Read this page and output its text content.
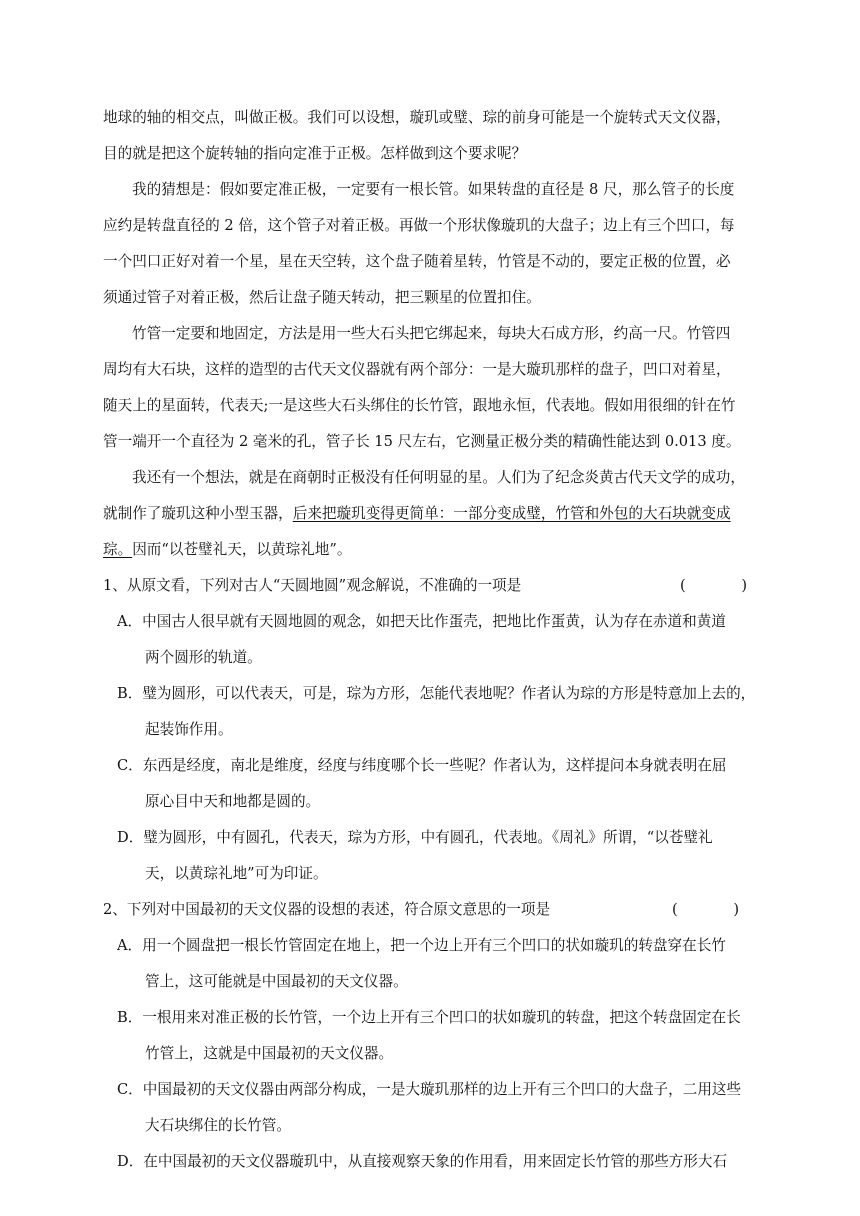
地球的轴的相交点，叫做正极。我们可以设想，璇玑或璧、琮的前身可能是一个旋转式天文仪器，
目的就是把这个旋转轴的指向定准于正极。怎样做到这个要求呢？
我的猜想是：假如要定准正极，一定要有一根长管。如果转盘的直径是 8 尺，那么管子的长度
应约是转盘直径的 2 倍，这个管子对着正极。再做一个形状像璇玑的大盘子；边上有三个凹口，每
一个凹口正好对着一个星，星在天空转，这个盘子随着星转，竹管是不动的，要定正极的位置，必
须通过管子对着正极，然后让盘子随天转动，把三颗星的位置扣住。
竹管一定要和地固定，方法是用一些大石头把它绑起来，每块大石成方形，约高一尺。竹管四
周均有大石块，这样的造型的古代天文仪器就有两个部分：一是大璇玑那样的盘子，凹口对着星，
随天上的星面转，代表天;一是这些大石头绑住的长竹管，跟地永恒，代表地。假如用很细的针在竹
管一端开一个直径为 2 毫米的孔，管子长 15 尺左右，它测量正极分类的精确性能达到 0.013 度。
我还有一个想法，就是在商朝时正极没有任何明显的星。人们为了纪念炎黄古代天文学的成功，
就制作了璇玑这种小型玉器，后来把璇玑变得更简单：一部分变成璧，竹管和外包的大石块就变成
琮。因而“以苍璧礼天，以黄琮礼地”。
1、从原文看，下列对古人“天圆地圆”观念解说，不准确的一项是	(            )
A．中国古人很早就有天圆地圆的观念，如把天比作蛋壳，把地比作蛋黄，认为存在赤道和黄道
两个圆形的轨道。
B．璧为圆形，可以代表天，可是，琮为方形，怎能代表地呢？作者认为琮的方形是特意加上去的，
起装饰作用。
C．东西是经度，南北是维度，经度与纬度哪个长一些呢？作者认为，这样提问本身就表明在屈
原心目中天和地都是圆的。
D．璧为圆形，中有圆孔，代表天，琮为方形，中有圆孔，代表地。《周礼》所谓，“以苍璧礼
天，以黄琮礼地”可为印证。
2、下列对中国最初的天文仪器的设想的表述，符合原文意思的一项是	(            )
A．用一个圆盘把一根长竹管固定在地上，把一个边上开有三个凹口的状如璇玑的转盘穿在长竹
管上，这可能就是中国最初的天文仪器。
B．一根用来对准正极的长竹管，一个边上开有三个凹口的状如璇玑的转盘，把这个转盘固定在长
竹管上，这就是中国最初的天文仪器。
C．中国最初的天文仪器由两部分构成，一是大璇玑那样的边上开有三个凹口的大盘子，二用这些
大石块绑住的长竹管。
D．在中国最初的天文仪器璇玑中，从直接观察天象的作用看，用来固定长竹管的那些方形大石
